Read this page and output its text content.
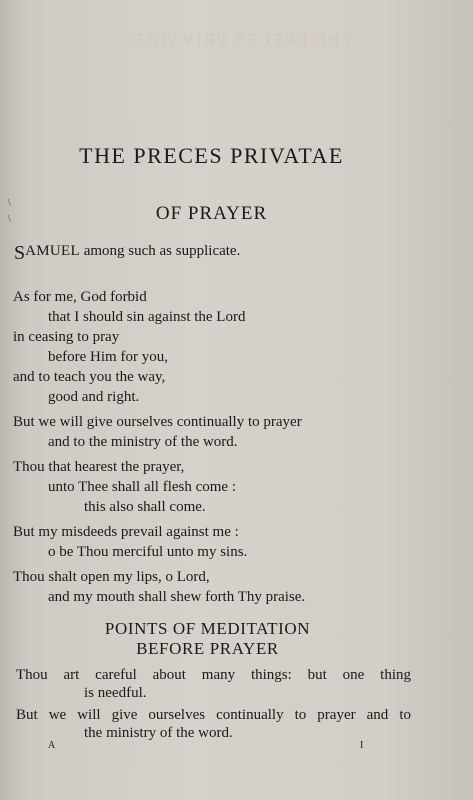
THE PRECES PRIVATAE
THE PRECES PRIVATAE
\
\	OF PRAYER
SAMUEL among such as supplicate.
As for me, God forbid
that I should sin against the Lord
in ceasing to pray
before Him for you,
and to teach you the way,
good and right.
But we will give ourselves continually to prayer
and to the ministry of the word.
Thou that hearest the prayer,
unto Thee shall all flesh come :
this also shall come.
But my misdeeds prevail against me :
o be Thou merciful unto my sins.
Thou shalt open my lips, o Lord,
and my mouth shall shew forth Thy praise.
POINTS OF MEDITATION
BEFORE PRAYER
Thou art careful about many things: but one thing
is needful.
But we will give ourselves continually to prayer and to
the ministry of the word.
A	I
